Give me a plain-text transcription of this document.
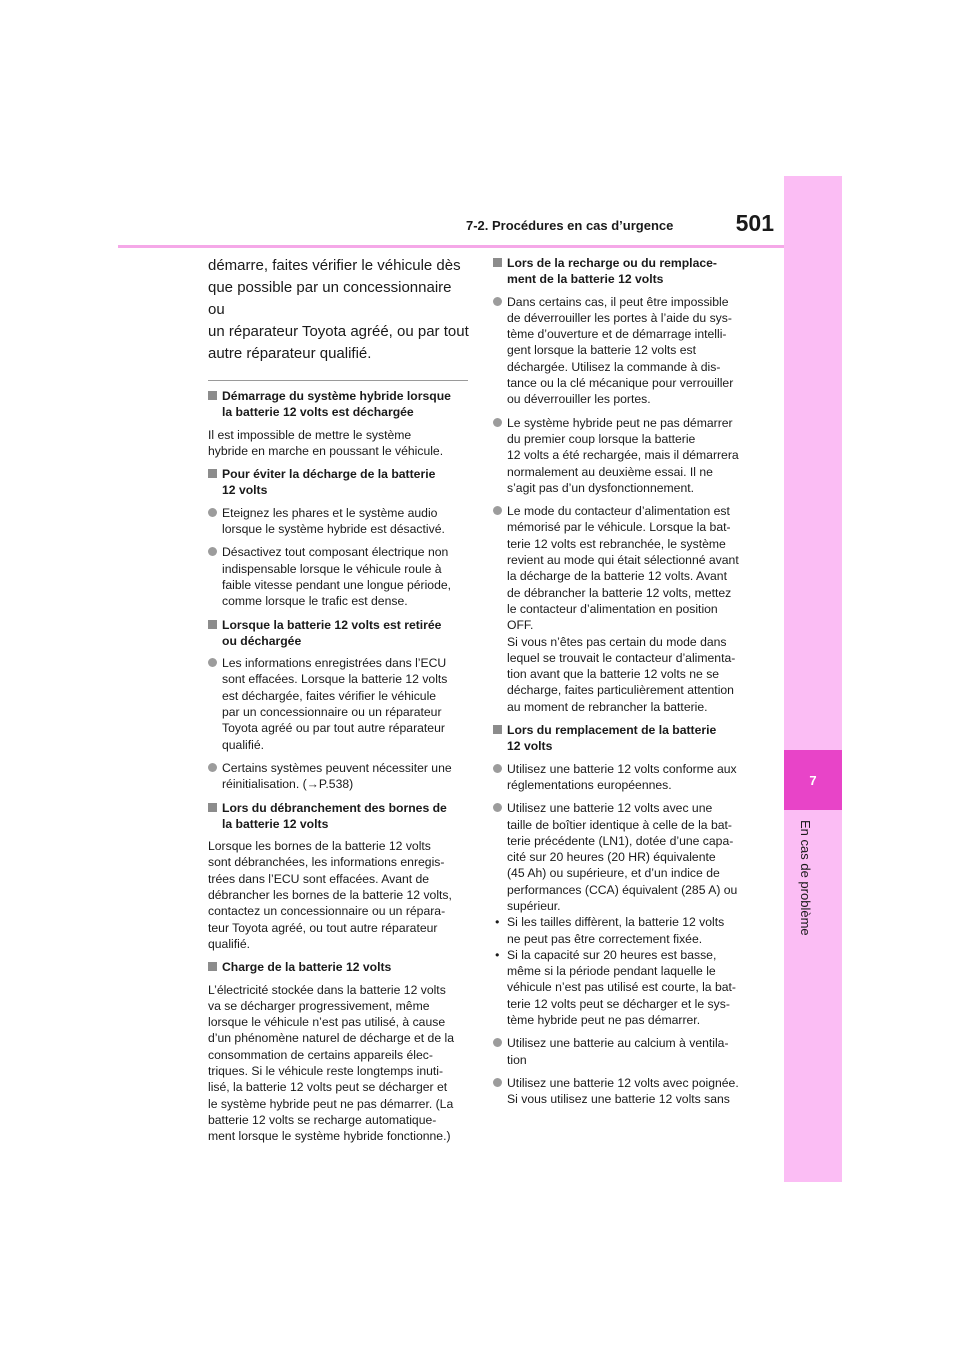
7-2. Procédures en cas d’urgence	501
7
En cas de problème
démarre, faites vérifier le véhicule dès
que possible par un concessionnaire ou
un réparateur Toyota agréé, ou par tout
autre réparateur qualifié.
Démarrage du système hybride lorsque
la batterie 12 volts est déchargée
Il est impossible de mettre le système
hybride en marche en poussant le véhicule.
Pour éviter la décharge de la batterie
12 volts
Eteignez les phares et le système audio
lorsque le système hybride est désactivé.
Désactivez tout composant électrique non
indispensable lorsque le véhicule roule à
faible vitesse pendant une longue période,
comme lorsque le trafic est dense.
Lorsque la batterie 12 volts est retirée
ou déchargée
Les informations enregistrées dans l’ECU
sont effacées. Lorsque la batterie 12 volts
est déchargée, faites vérifier le véhicule
par un concessionnaire ou un réparateur
Toyota agréé ou par tout autre réparateur
qualifié.
Certains systèmes peuvent nécessiter une
réinitialisation. (→P.538)
Lors du débranchement des bornes de
la batterie 12 volts
Lorsque les bornes de la batterie 12 volts
sont débranchées, les informations enregis-
trées dans l’ECU sont effacées. Avant de
débrancher les bornes de la batterie 12 volts,
contactez un concessionnaire ou un répara-
teur Toyota agréé, ou tout autre réparateur
qualifié.
Charge de la batterie 12 volts
L’électricité stockée dans la batterie 12 volts
va se décharger progressivement, même
lorsque le véhicule n’est pas utilisé, à cause
d’un phénomène naturel de décharge et de la
consommation de certains appareils élec-
triques. Si le véhicule reste longtemps inuti-
lisé, la batterie 12 volts peut se décharger et
le système hybride peut ne pas démarrer. (La
batterie 12 volts se recharge automatique-
ment lorsque le système hybride fonctionne.)
Lors de la recharge ou du remplace-
ment de la batterie 12 volts
Dans certains cas, il peut être impossible
de déverrouiller les portes à l’aide du sys-
tème d’ouverture et de démarrage intelli-
gent lorsque la batterie 12 volts est
déchargée. Utilisez la commande à dis-
tance ou la clé mécanique pour verrouiller
ou déverrouiller les portes.
Le système hybride peut ne pas démarrer
du premier coup lorsque la batterie
12 volts a été rechargée, mais il démarrera
normalement au deuxième essai. Il ne
s’agit pas d’un dysfonctionnement.
Le mode du contacteur d’alimentation est
mémorisé par le véhicule. Lorsque la bat-
terie 12 volts est rebranchée, le système
revient au mode qui était sélectionné avant
la décharge de la batterie 12 volts. Avant
de débrancher la batterie 12 volts, mettez
le contacteur d’alimentation en position
OFF.
Si vous n’êtes pas certain du mode dans
lequel se trouvait le contacteur d’alimenta-
tion avant que la batterie 12 volts ne se
décharge, faites particulièrement attention
au moment de rebrancher la batterie.
Lors du remplacement de la batterie
12 volts
Utilisez une batterie 12 volts conforme aux
réglementations européennes.
Utilisez une batterie 12 volts avec une
taille de boîtier identique à celle de la bat-
terie précédente (LN1), dotée d’une capa-
cité sur 20 heures (20 HR) équivalente
(45 Ah) ou supérieure, et d’un indice de
performances (CCA) équivalent (285 A) ou
supérieur.
• Si les tailles diffèrent, la batterie 12 volts
ne peut pas être correctement fixée.
• Si la capacité sur 20 heures est basse,
même si la période pendant laquelle le
véhicule n’est pas utilisé est courte, la bat-
terie 12 volts peut se décharger et le sys-
tème hybride peut ne pas démarrer.
Utilisez une batterie au calcium à ventila-
tion
Utilisez une batterie 12 volts avec poignée.
Si vous utilisez une batterie 12 volts sans
